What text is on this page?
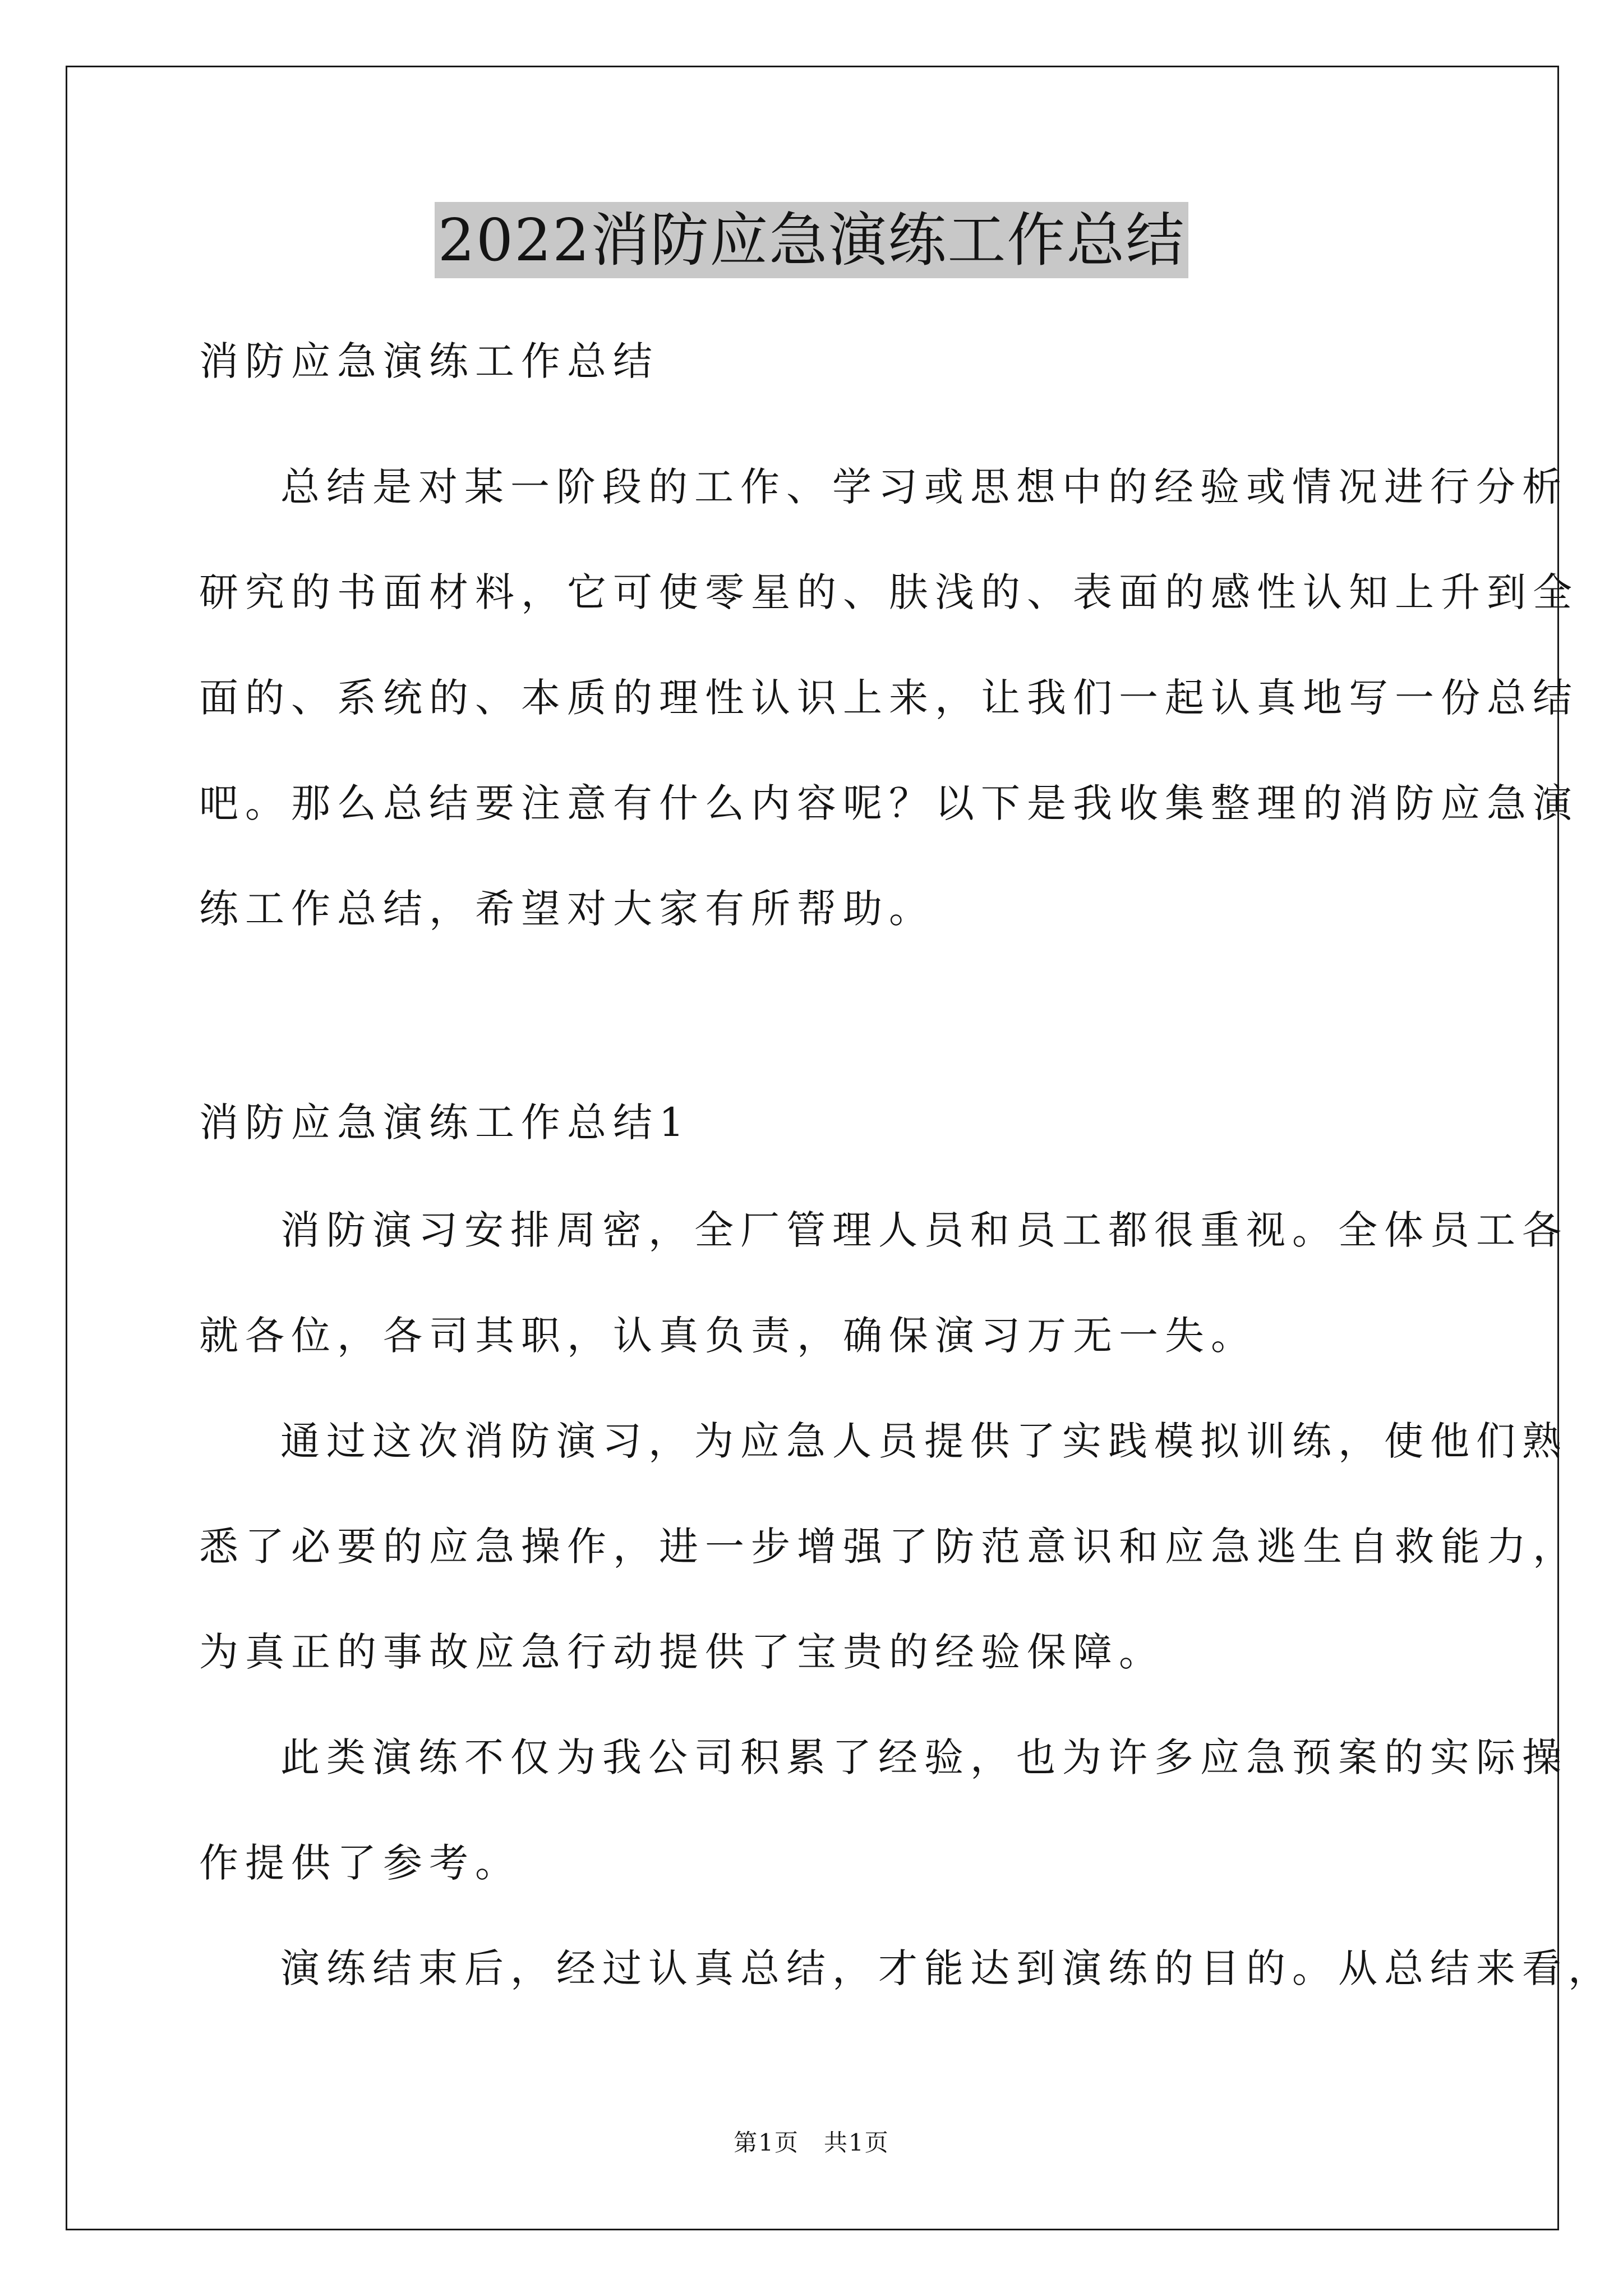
2022消防应急演练工作总结
消防应急演练工作总结
总结是对某一阶段的工作、学习或思想中的经验或情况进行分析
研究的书面材料，它可使零星的、肤浅的、表面的感性认知上升到全
面的、系统的、本质的理性认识上来，让我们一起认真地写一份总结
吧。那么总结要注意有什么内容呢？以下是我收集整理的消防应急演
练工作总结，希望对大家有所帮助。
消防应急演练工作总结1
消防演习安排周密，全厂管理人员和员工都很重视。全体员工各
就各位，各司其职，认真负责，确保演习万无一失。
通过这次消防演习，为应急人员提供了实践模拟训练，使他们熟
悉了必要的应急操作，进一步增强了防范意识和应急逃生自救能力，
为真正的事故应急行动提供了宝贵的经验保障。
此类演练不仅为我公司积累了经验，也为许多应急预案的实际操
作提供了参考。
演练结束后，经过认真总结，才能达到演练的目的。从总结来看，
第1页　共1页
